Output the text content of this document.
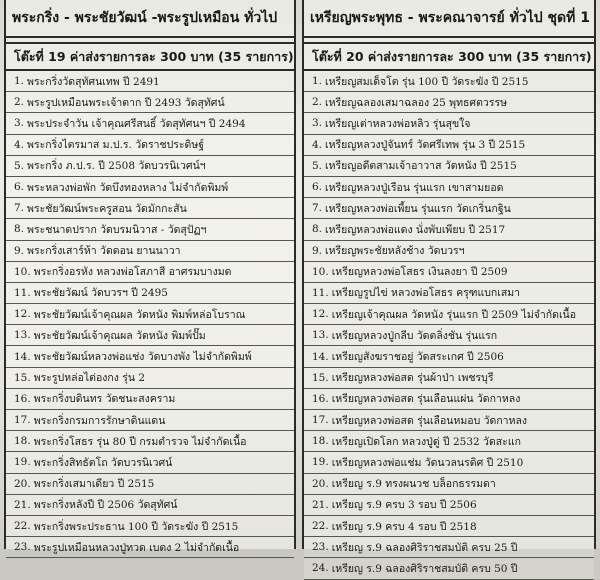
พระกริ่ง - พระชัยวัฒน์ -พระรูปเหมือน ทั่วไป
โต๊ะที่ 19 ค่าส่งรายการละ 300 บาท (35 รายการ)
1. พระกริ่งวัดสุทัศนเทพ ปี 2491
2. พระรูปเหมือนพระเจ้าตาก ปี 2493 วัดสุทัศน์
3. พระประจำวัน เจ้าคุณศรีสนธิ์ วัดสุทัศนฯ ปี 2494
4. พระกริ่งไตรมาส ม.ป.ร. วัดราชประดิษฐ์
5. พระกริ่ง ภ.ป.ร. ปี 2508 วัดบวรนิเวศน์ฯ
6. พระหลวงพ่อพัก วัดบึงทองหลาง ไม่จำกัดพิมพ์
7. พระชัยวัฒน์พระครูสอน วัดมักกะสัน
8. พระชนาดปราก วัดบรมนิวาส - วัดสุปัฏฯ
9. พระกริ่งเสาร์ห้า วัดดอน ยานนาวา
10. พระกริ่งอรหัง หลวงพ่อโสภาสี อาศรมบางมด
11. พระชัยวัฒน์ วัดบวรฯ ปี 2495
12. พระชัยวัฒน์เจ้าคุณผล วัดหนัง พิมพ์หล่อโบราณ
13. พระชัยวัฒน์เจ้าคุณผล วัดหนัง พิมพ์ปั๊ม
14. พระชัยวัฒน์หลวงพ่อแช่ง วัดบางพัง ไม่จำกัดพิมพ์
15. พระรูปหล่อไต่องกง รุ่น 2
16. พระกริ่งบดินทร วัดชนะสงคราม
17. พระกริ่งกรมการรักษาดินแดน
18. พระกริ่งโสธร รุ่น 80 ปี กรมตำรวจ ไม่จำกัดเนื้อ
19. พระกริ่งสิทธัตโถ วัดบวรนิเวศน์
20. พระกริ่งเสมาเดียว ปี 2515
21. พระกริ่งหลังปี ปี 2506 วัดสุทัศน์
22. พระกริ่งพระประธาน 100 ปี วัดระฆัง ปี 2515
23. พระรูปเหมือนหลวงปู่ทวด เบตง 2 ไม่จำกัดเนื้อ
เหรียญพระพุทธ - พระคณาจารย์ ทั่วไป ชุดที่ 1
โต๊ะที่ 20 ค่าส่งรายการละ 300 บาท (35 รายการ)
1. เหรียญสมเด็จโต รุ่น 100 ปี วัดระฆัง ปี 2515
2. เหรียญฉลองเสมาฉลอง 25 พุทธศตวรรษ
3. เหรียญเต่าหลวงพ่อหลิว รุ่นสุขใจ
4. เหรียญหลวงปู่จันทร์ วัดศรีเทพ รุ่น 3 ปี 2515
5. เหรียญอดีตสามเจ้าอาวาส วัดหนัง ปี 2515
6. เหรียญหลวงปู่เรือน รุ่นแรก เขาสามยอด
7. เหรียญหลวงพ่อเพี้ยน รุ่นแรก วัดเกริ่นกฐิน
8. เหรียญหลวงพ่อแดง นั่งพับเพียบ ปี 2517
9. เหรียญพระชัยหลังช้าง วัดบวรฯ
10. เหรียญหลวงพ่อโสธร เงินลงยา ปี 2509
11. เหรียญรูปไข่ หลวงพ่อโสธร ครุฑแบกเสมา
12. เหรียญเจ้าคุณผล วัดหนัง รุ่นแรก ปี 2509 ไม่จำกัดเนื้อ
13. เหรียญหลวงปู่กลีบ วัดตลิ่งชัน รุ่นแรก
14. เหรียญสังฆราชอยู่ วัดสระเกศ ปี 2506
15. เหรียญหลวงพ่อสด รุ่นผ้าป่า เพชรบุรี
16. เหรียญหลวงพ่อสด รุ่นเลือนแผ่น วัดกาหลง
17. เหรียญหลวงพ่อสด รุ่นเลือนหมอบ วัดกาหลง
18. เหรียญเปิดโลก หลวงปู่ดู่ ปี 2532 วัดสะแก
19. เหรียญหลวงพ่อแช่ม วัดนวลนรดิศ ปี 2510
20. เหรียญ ร.9 ทรงผนวช บล็อกธรรมดา
21. เหรียญ ร.9 ครบ 3 รอบ ปี 2506
22. เหรียญ ร.9 ครบ 4 รอบ ปี 2518
23. เหรียญ ร.9 ฉลองศิริราชสมบัติ ครบ 25 ปี
24. เหรียญ ร.9 ฉลองศิริราชสมบัติ ครบ 50 ปี
